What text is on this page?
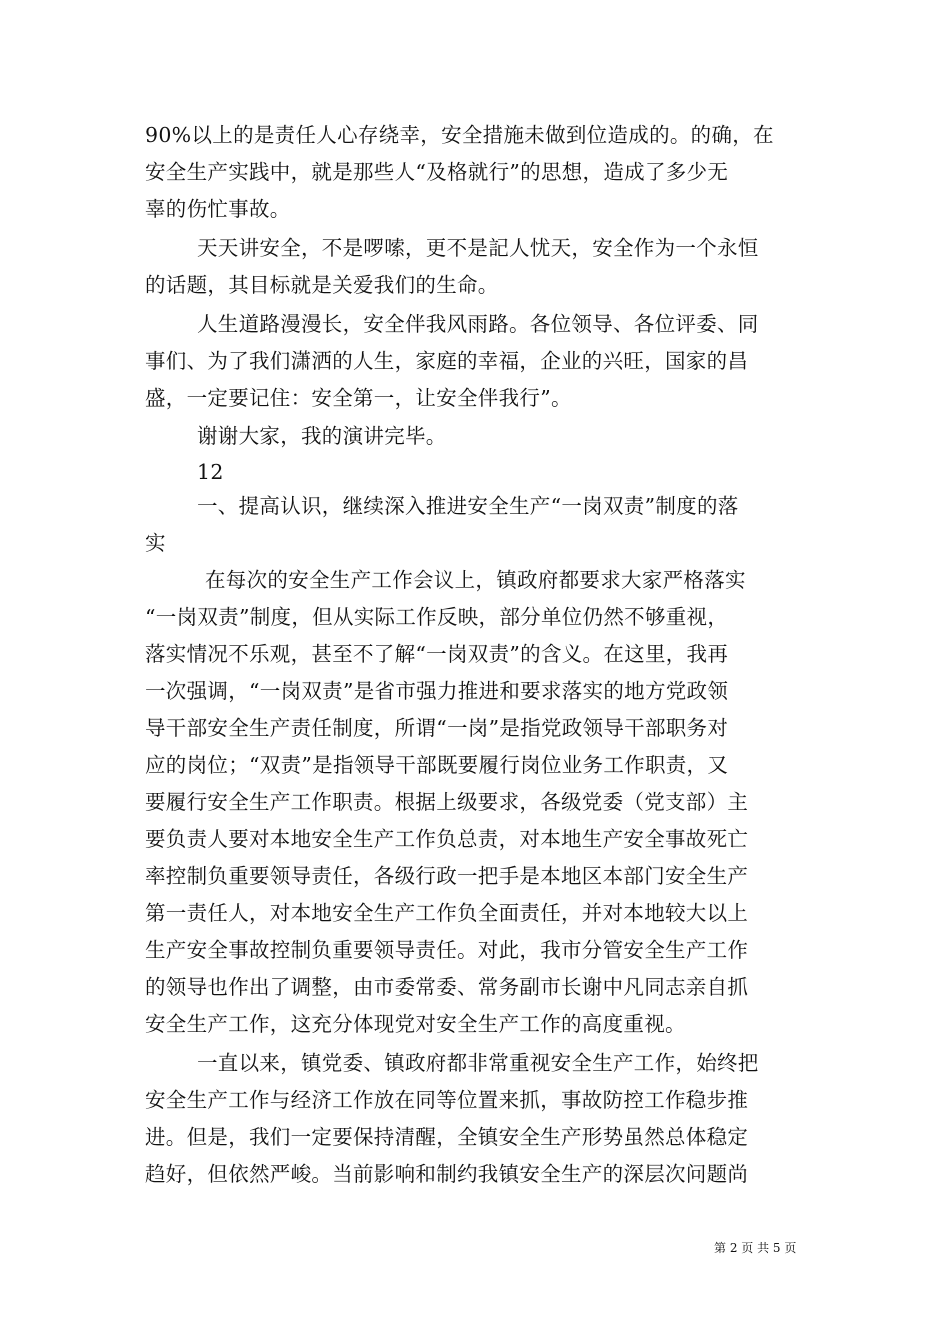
90%以上的是责任人心存绕幸，安全措施未做到位造成的。的确，在
安全生产实践中，就是那些人“及格就行”的思想，造成了多少无
辜的伤忙事故。
天天讲安全，不是啰嗦，更不是記人忧天，安全作为一个永恒
的话题，其目标就是关爱我们的生命。
人生道路漫漫长，安全伴我风雨路。各位领导、各位评委、同
事们、为了我们潇洒的人生，家庭的幸福，企业的兴旺，国家的昌
盛，一定要记住：安全第一，让安全伴我行”。
谢谢大家，我的演讲完毕。
12
一、提高认识，继续深入推进安全生产“一岗双责”制度的落
实
在每次的安全生产工作会议上，镇政府都要求大家严格落实
“一岗双责”制度，但从实际工作反映，部分单位仍然不够重视，
落实情况不乐观，甚至不了解“一岗双责”的含义。在这里，我再
一次强调，“一岗双责”是省市强力推进和要求落实的地方党政领
导干部安全生产责任制度，所谓“一岗”是指党政领导干部职务对
应的岗位；“双责”是指领导干部既要履行岗位业务工作职责，又
要履行安全生产工作职责。根据上级要求，各级党委（党支部）主
要负责人要对本地安全生产工作负总责，对本地生产安全事故死亡
率控制负重要领导责任，各级行政一把手是本地区本部门安全生产
第一责任人，对本地安全生产工作负全面责任，并对本地较大以上
生产安全事故控制负重要领导责任。对此，我市分管安全生产工作
的领导也作出了调整，由市委常委、常务副市长谢中凡同志亲自抓
安全生产工作，这充分体现党对安全生产工作的高度重视。
一直以来，镇党委、镇政府都非常重视安全生产工作，始终把
安全生产工作与经济工作放在同等位置来抓，事故防控工作稳步推
进。但是，我们一定要保持清醒，全镇安全生产形势虽然总体稳定
趋好，但依然严峻。当前影响和制约我镇安全生产的深层次问题尚
第 2 页 共 5 页
